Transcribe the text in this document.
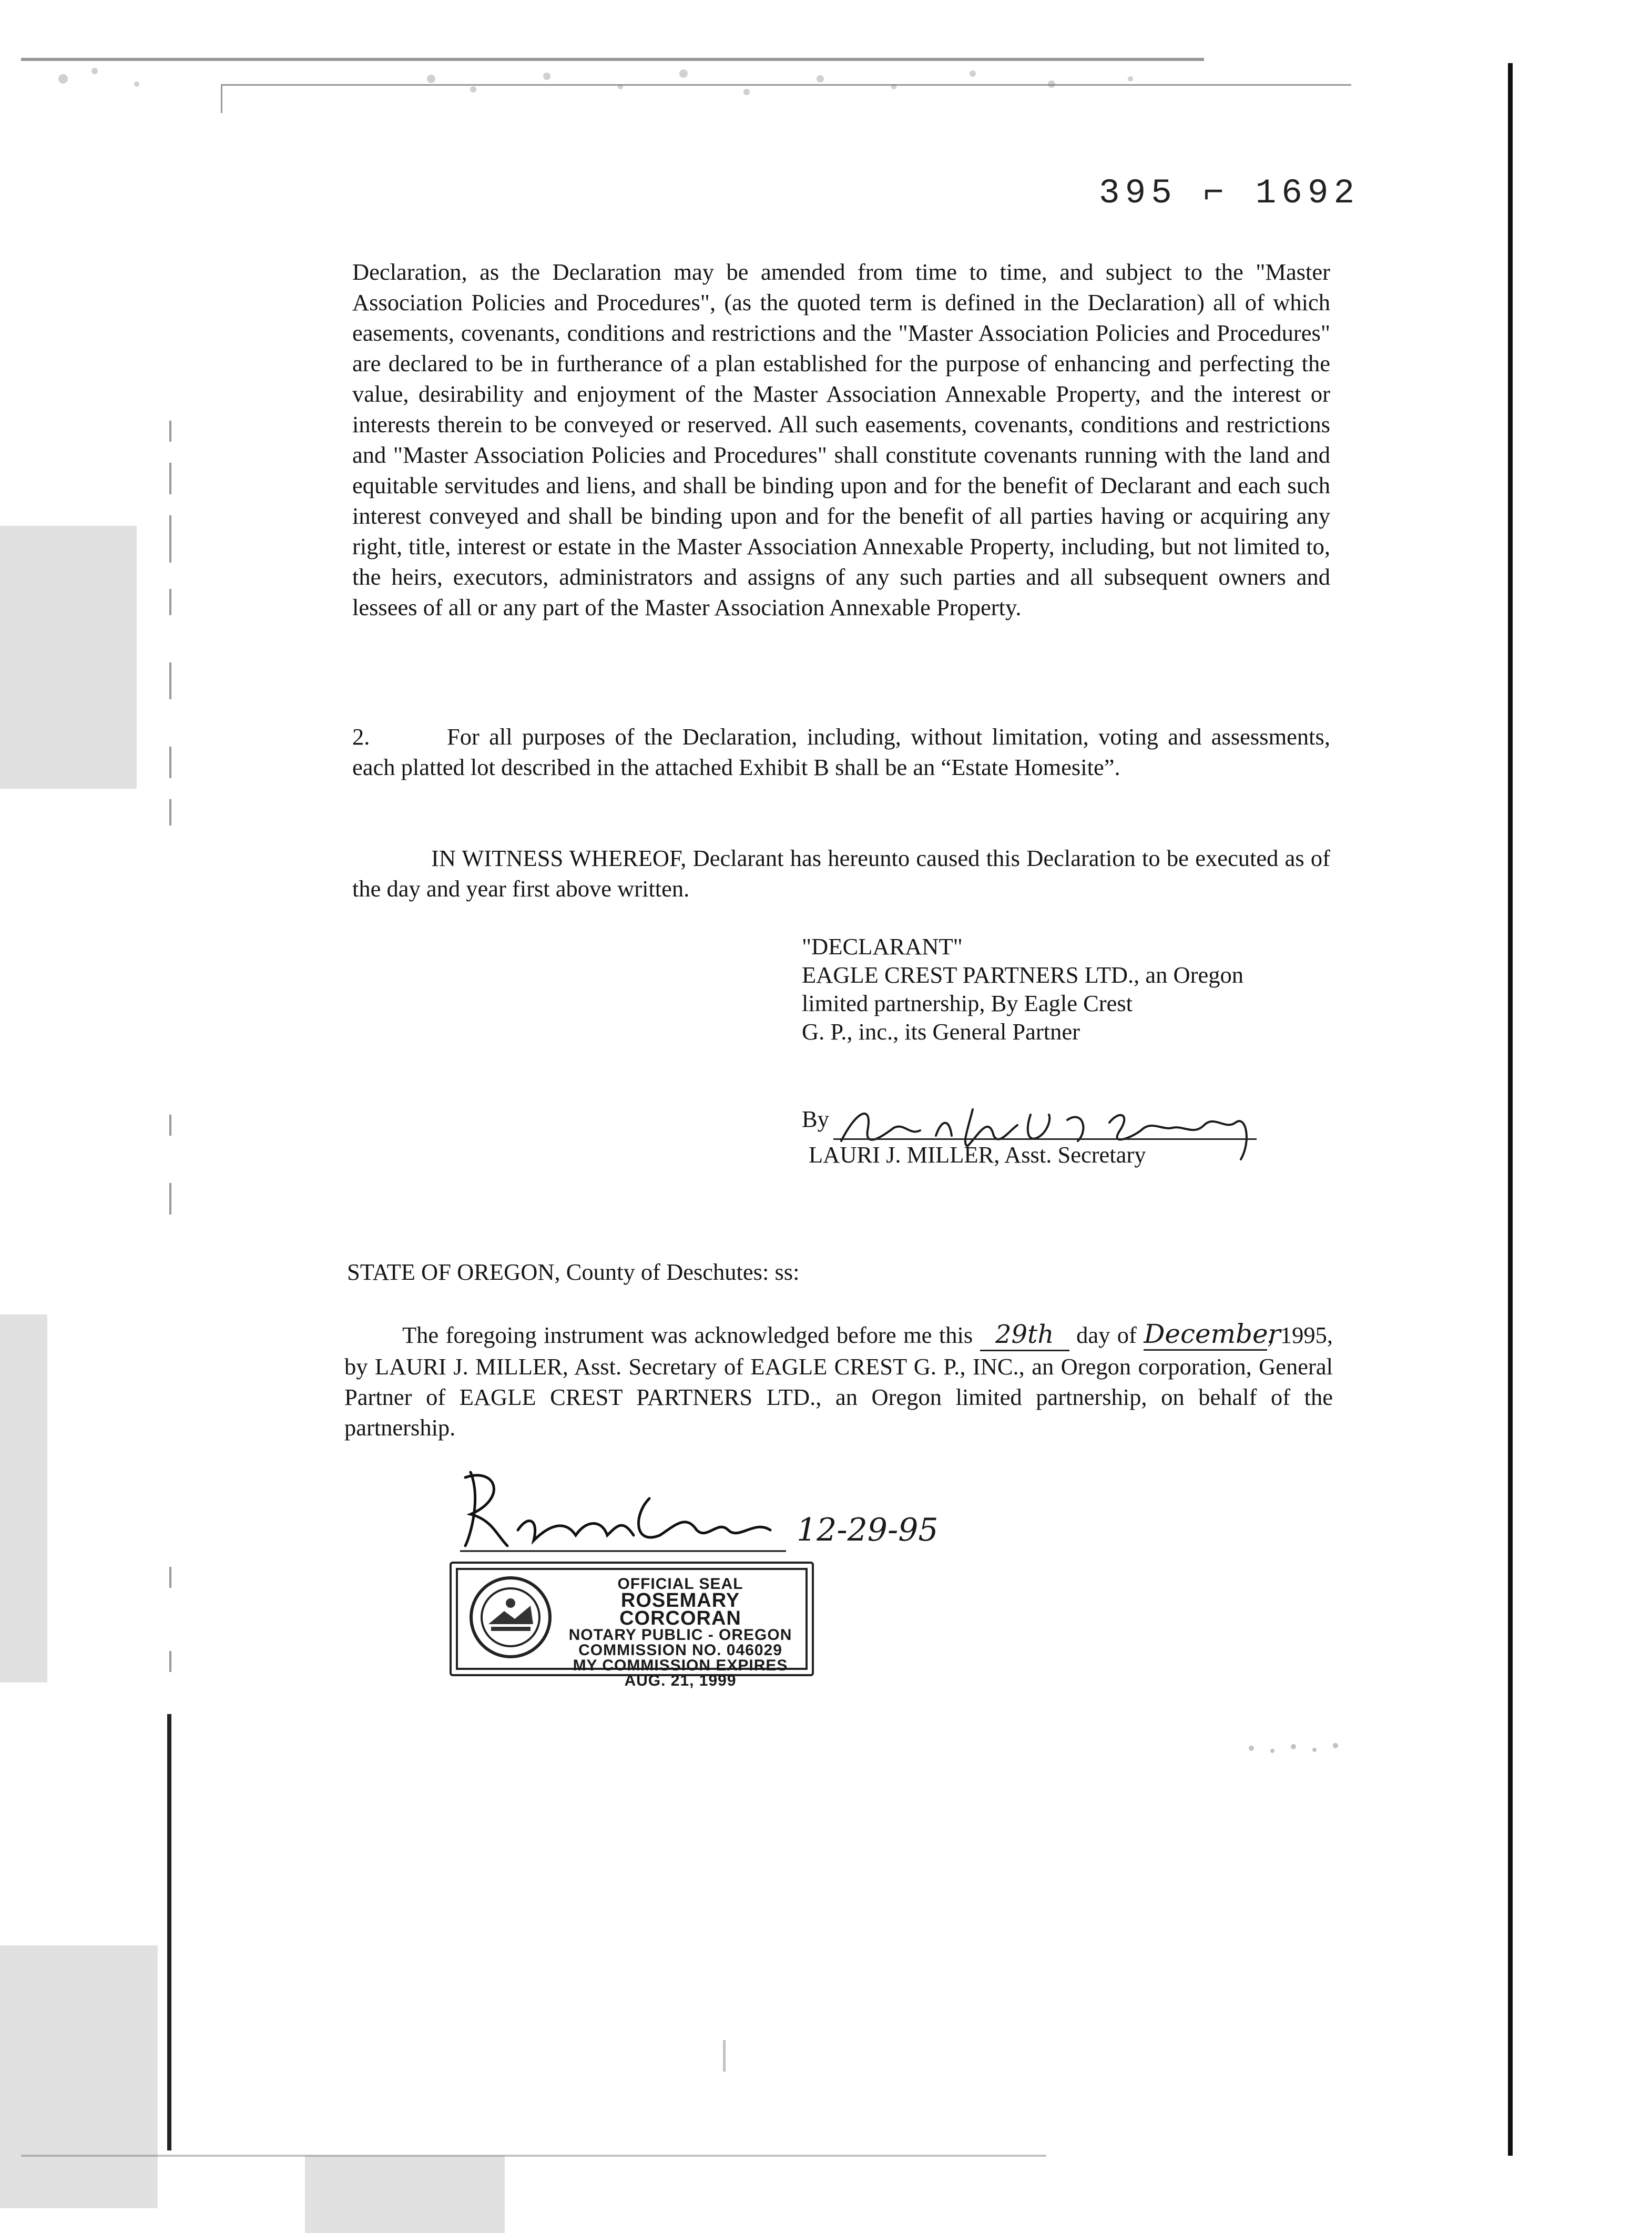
395 ⌐ 1692

Declaration, as the Declaration may be amended from time to time, and subject to the "Master Association Policies and Procedures", (as the quoted term is defined in the Declaration) all of which easements, covenants, conditions and restrictions and the "Master Association Policies and Procedures" are declared to be in furtherance of a plan established for the purpose of enhancing and perfecting the value, desirability and enjoyment of the Master Association Annexable Property, and the interest or interests therein to be conveyed or reserved. All such easements, covenants, conditions and restrictions and "Master Association Policies and Procedures" shall constitute covenants running with the land and equitable servitudes and liens, and shall be binding upon and for the benefit of Declarant and each such interest conveyed and shall be binding upon and for the benefit of all parties having or acquiring any right, title, interest or estate in the Master Association Annexable Property, including, but not limited to, the heirs, executors, administrators and assigns of any such parties and all subsequent owners and lessees of all or any part of the Master Association Annexable Property.

2.	For all purposes of the Declaration, including, without limitation, voting and assessments, each platted lot described in the attached Exhibit B shall be an “Estate Homesite”.

IN WITNESS WHEREOF, Declarant has hereunto caused this Declaration to be executed as of the day and year first above written.

"DECLARANT"
EAGLE CREST PARTNERS LTD., an Oregon
limited partnership, By Eagle Crest
G. P., inc., its General Partner
By
LAURI J. MILLER, Asst. Secretary
STATE OF OREGON, County of Deschutes: ss:

The foregoing instrument was acknowledged before me this 29th day of December, 1995, by LAURI J. MILLER, Asst. Secretary of EAGLE CREST G. P., INC., an Oregon corporation, General Partner of EAGLE CREST PARTNERS LTD., an Oregon limited partnership, on behalf of the partnership.

12-29-95
OFFICIAL SEAL
ROSEMARY CORCORAN
NOTARY PUBLIC - OREGON
COMMISSION NO. 046029
MY COMMISSION EXPIRES AUG. 21, 1999
